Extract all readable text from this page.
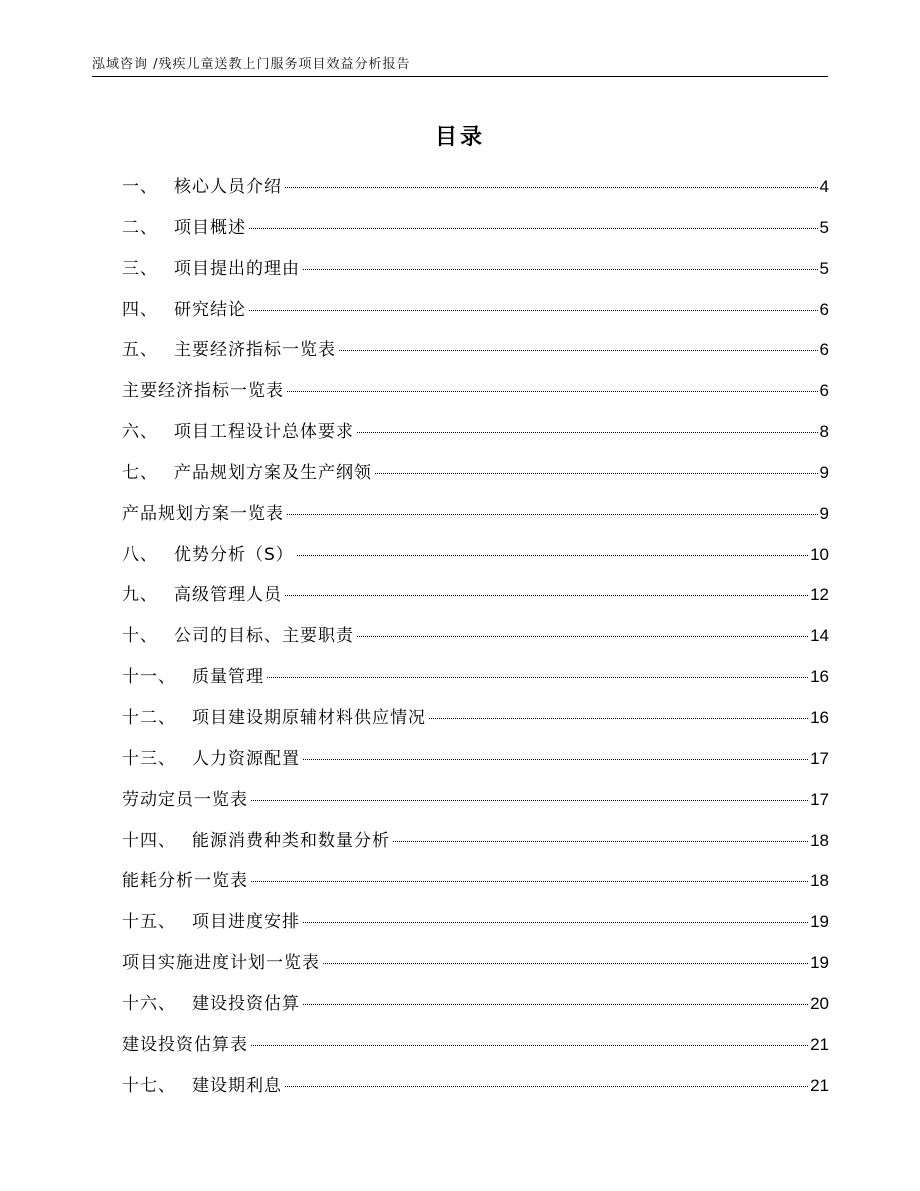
泓域咨询 /残疾儿童送教上门服务项目效益分析报告
目录
一、 核心人员介绍	4
二、 项目概述	5
三、 项目提出的理由	5
四、 研究结论	6
五、 主要经济指标一览表	6
主要经济指标一览表	6
六、 项目工程设计总体要求	8
七、 产品规划方案及生产纲领	9
产品规划方案一览表	9
八、 优势分析（S）	10
九、 高级管理人员	12
十、 公司的目标、主要职责	14
十一、 质量管理	16
十二、 项目建设期原辅材料供应情况	16
十三、 人力资源配置	17
劳动定员一览表	17
十四、 能源消费种类和数量分析	18
能耗分析一览表	18
十五、 项目进度安排	19
项目实施进度计划一览表	19
十六、 建设投资估算	20
建设投资估算表	21
十七、 建设期利息	21
